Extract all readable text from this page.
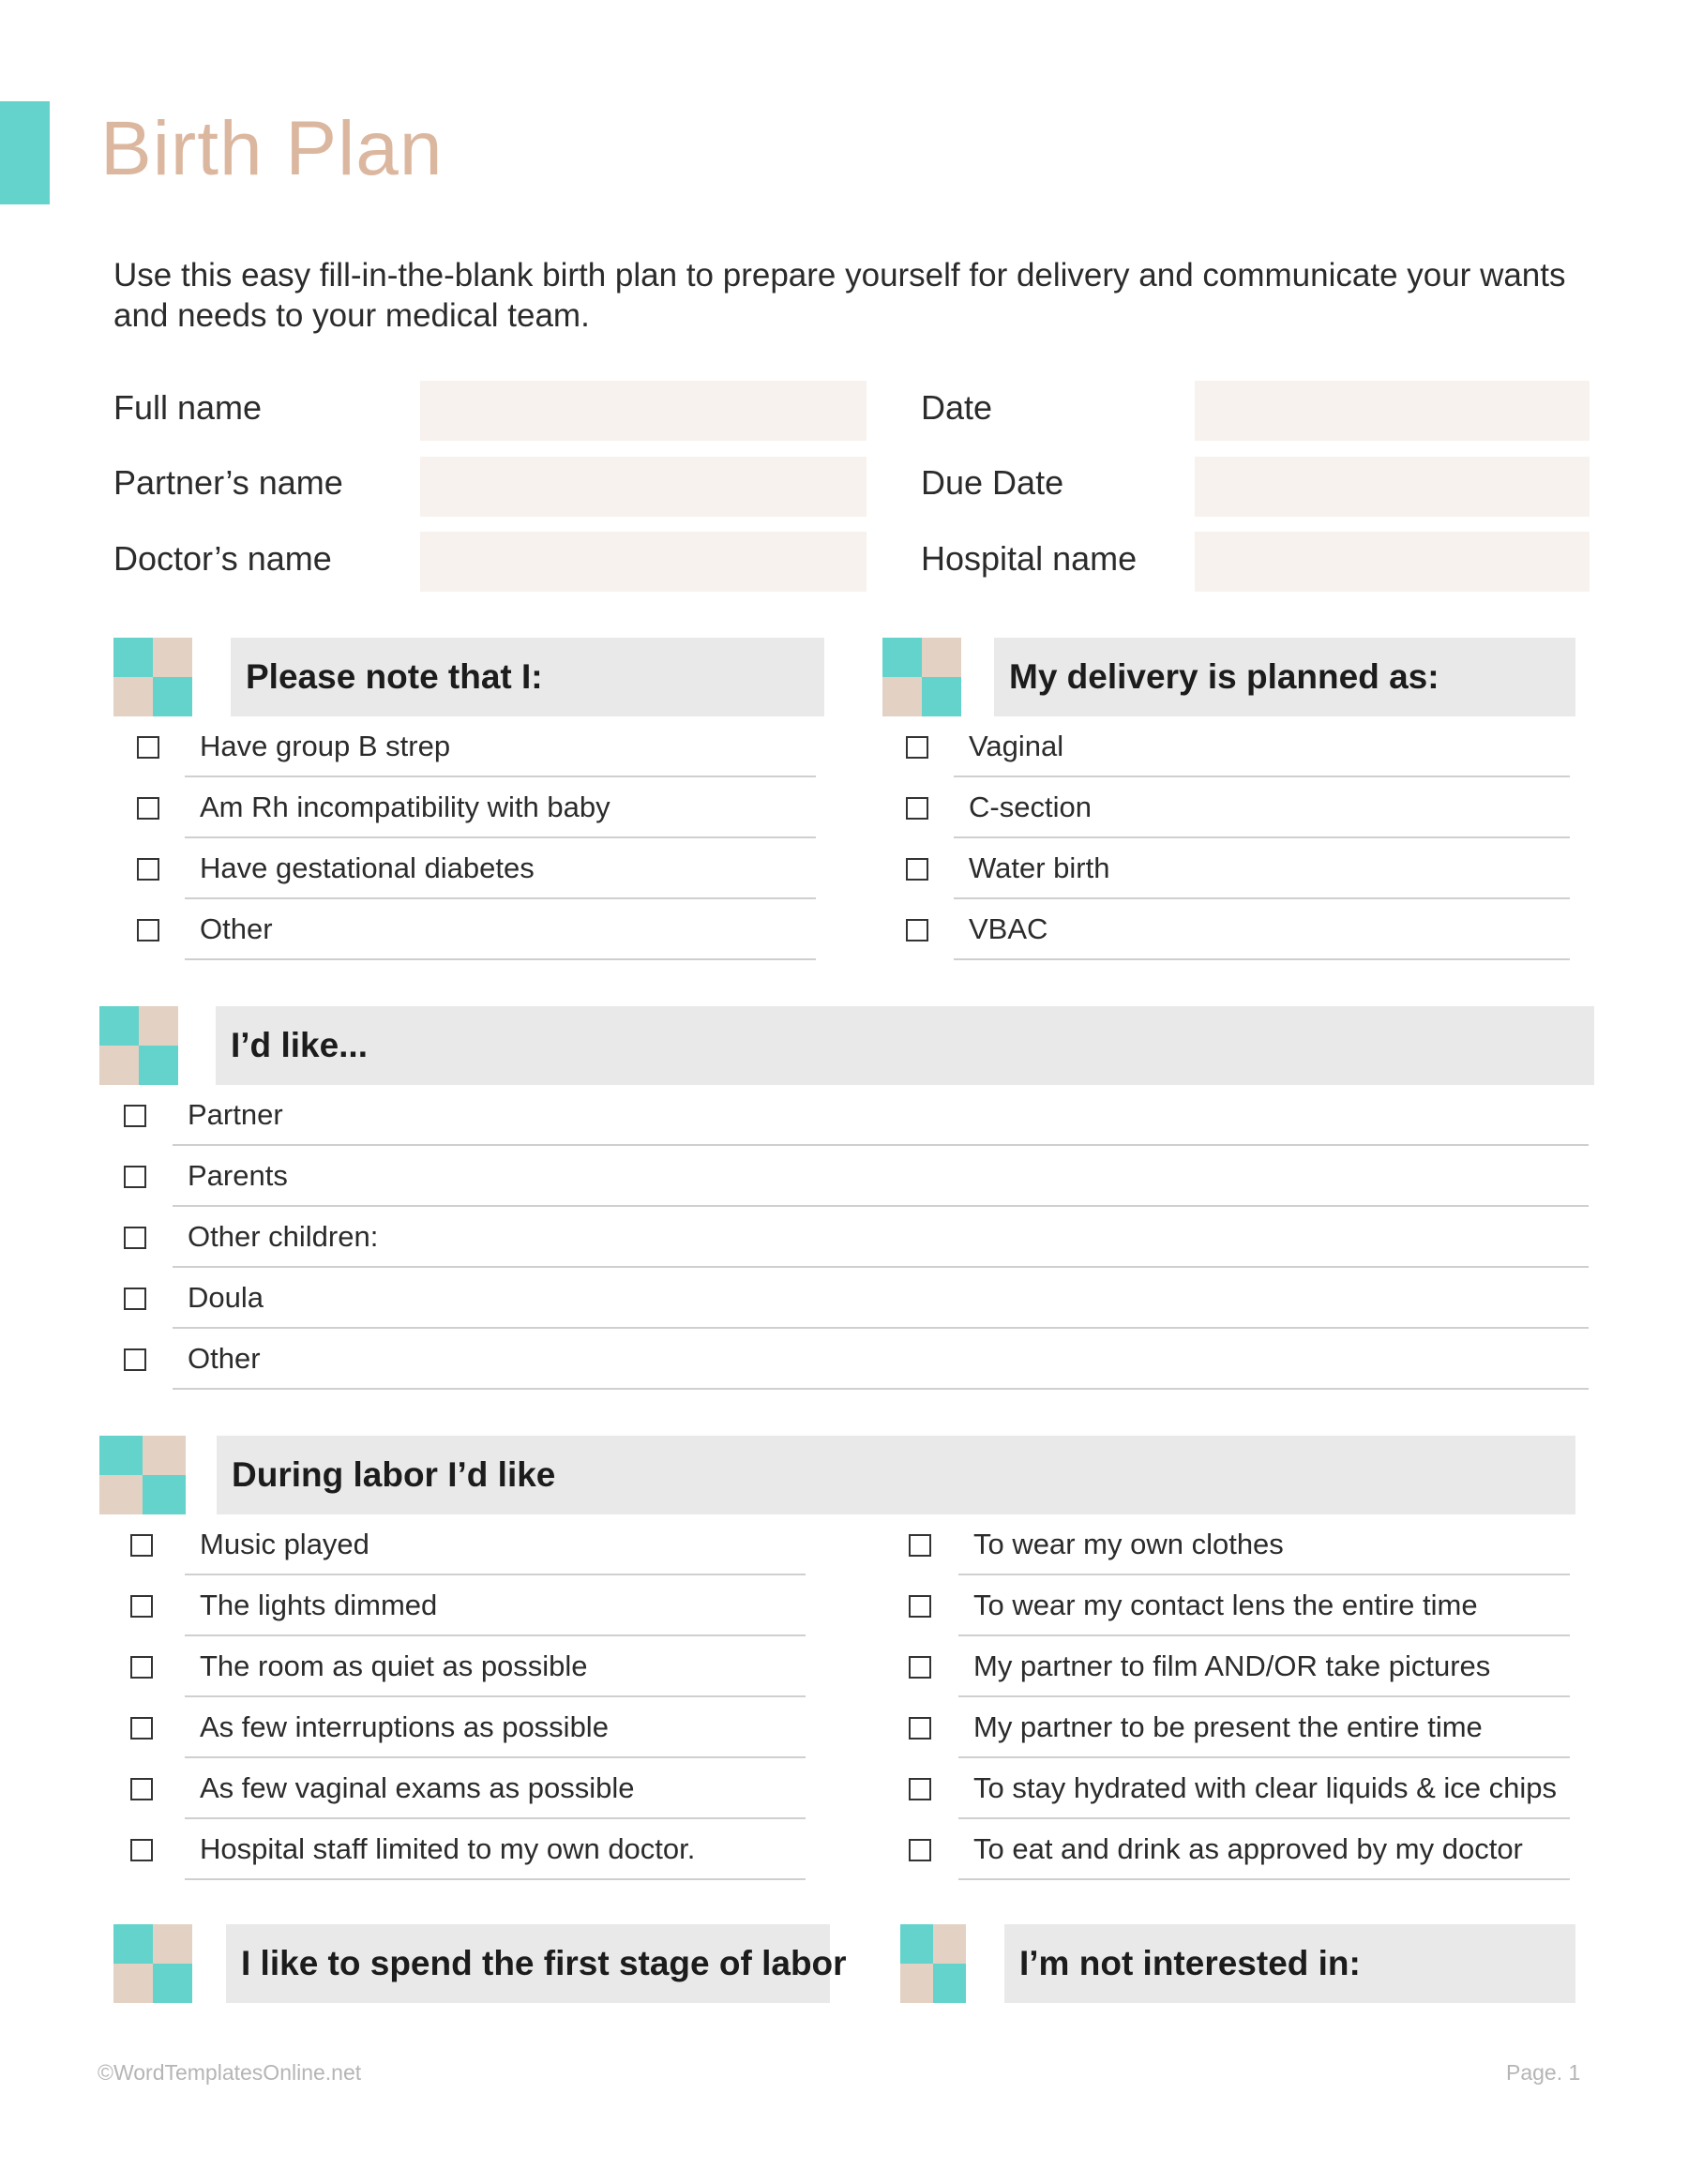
Birth Plan
Use this easy fill-in-the-blank birth plan to prepare yourself for delivery and communicate your wants and needs to your medical team.
Full name
Partner’s name
Doctor’s name
Date
Due Date
Hospital name
Please note that I:
Have group B strep
Am Rh incompatibility with baby
Have gestational diabetes
Other
My delivery is planned as:
Vaginal
C-section
Water birth
VBAC
I’d like...
Partner
Parents
Other children:
Doula
Other
During labor I’d like
Music played
The lights dimmed
The room as quiet as possible
As few interruptions as possible
As few vaginal exams as possible
Hospital staff limited to my own doctor.
To wear my own clothes
To wear my contact lens the entire time
My partner to film AND/OR take pictures
My partner to be present the entire time
To stay hydrated with clear liquids & ice chips
To eat and drink as approved by my doctor
I like to spend the first stage of labor	I’m not interested in:
©WordTemplatesOnline.net	Page. 1
